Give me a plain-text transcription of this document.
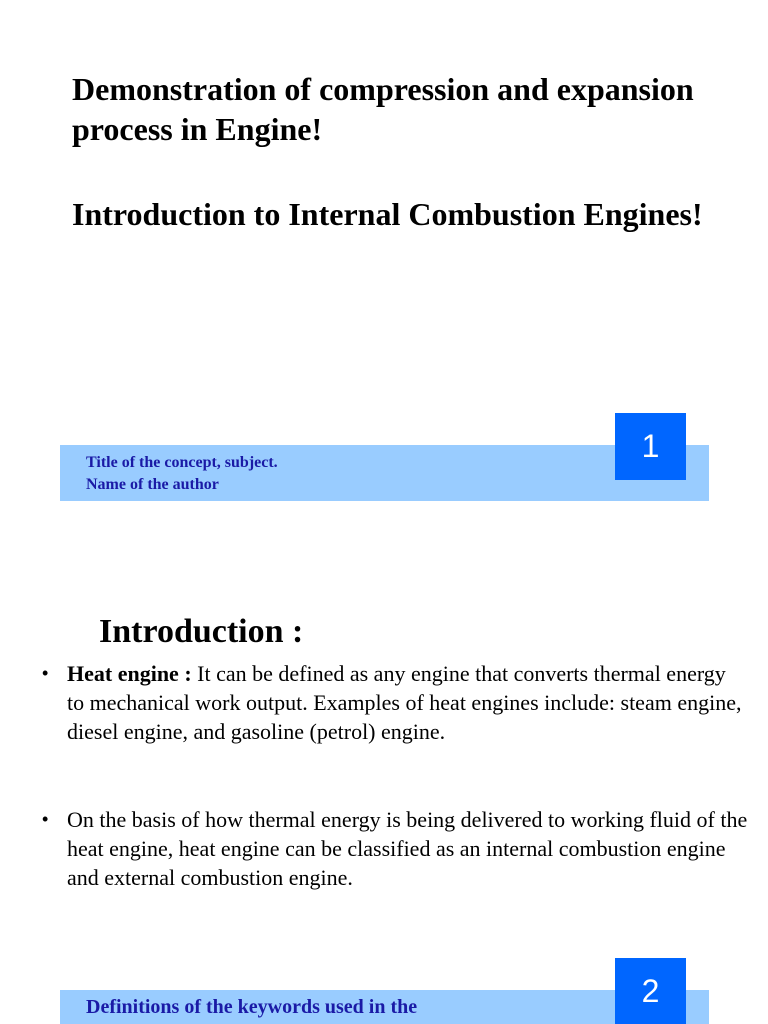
Demonstration of compression and expansion process in Engine!
Introduction to Internal Combustion Engines!
Title of the concept, subject.
Name of the author
1
Introduction :
• Heat engine : It can be defined as any engine that converts thermal energy to mechanical work output. Examples of heat engines include: steam engine, diesel engine, and gasoline (petrol) engine.
• On the basis of how thermal energy is being delivered to working fluid of the heat engine, heat engine can be classified as an internal combustion engine and external combustion engine.
Definitions of the keywords used in the	2
